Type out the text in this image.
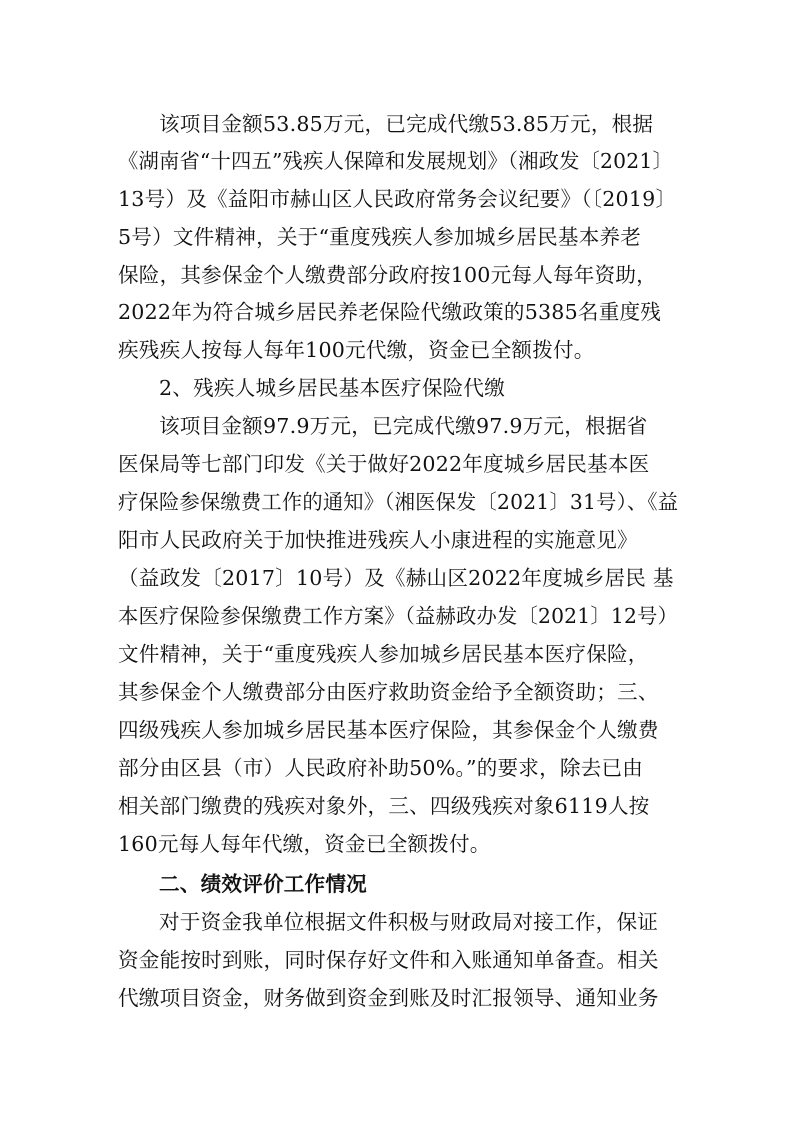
该项目金额53.85万元，已完成代缴53.85万元，根据
《湖南省“十四五”残疾人保障和发展规划》（湘政发〔2021〕
13号）及《益阳市赫山区人民政府常务会议纪要》（〔2019〕
5号）文件精神，关于“重度残疾人参加城乡居民基本养老
保险，其参保金个人缴费部分政府按100元每人每年资助，
2022年为符合城乡居民养老保险代缴政策的5385名重度残
疾残疾人按每人每年100元代缴，资金已全额拨付。
2、残疾人城乡居民基本医疗保险代缴
该项目金额97.9万元，已完成代缴97.9万元，根据省
医保局等七部门印发《关于做好2022年度城乡居民基本医
疗保险参保缴费工作的通知》（湘医保发〔2021〕31号）、《益
阳市人民政府关于加快推进残疾人小康进程的实施意见》
（益政发〔2017〕10号）及《赫山区2022年度城乡居民 基
本医疗保险参保缴费工作方案》（益赫政办发〔2021〕12号）
文件精神，关于“重度残疾人参加城乡居民基本医疗保险，
其参保金个人缴费部分由医疗救助资金给予全额资助；三、
四级残疾人参加城乡居民基本医疗保险，其参保金个人缴费
部分由区县（市）人民政府补助50%。”的要求，除去已由
相关部门缴费的残疾对象外，三、四级残疾对象6119人按
160元每人每年代缴，资金已全额拨付。
二、绩效评价工作情况
对于资金我单位根据文件积极与财政局对接工作，保证
资金能按时到账，同时保存好文件和入账通知单备查。相关
代缴项目资金，财务做到资金到账及时汇报领导、通知业务
